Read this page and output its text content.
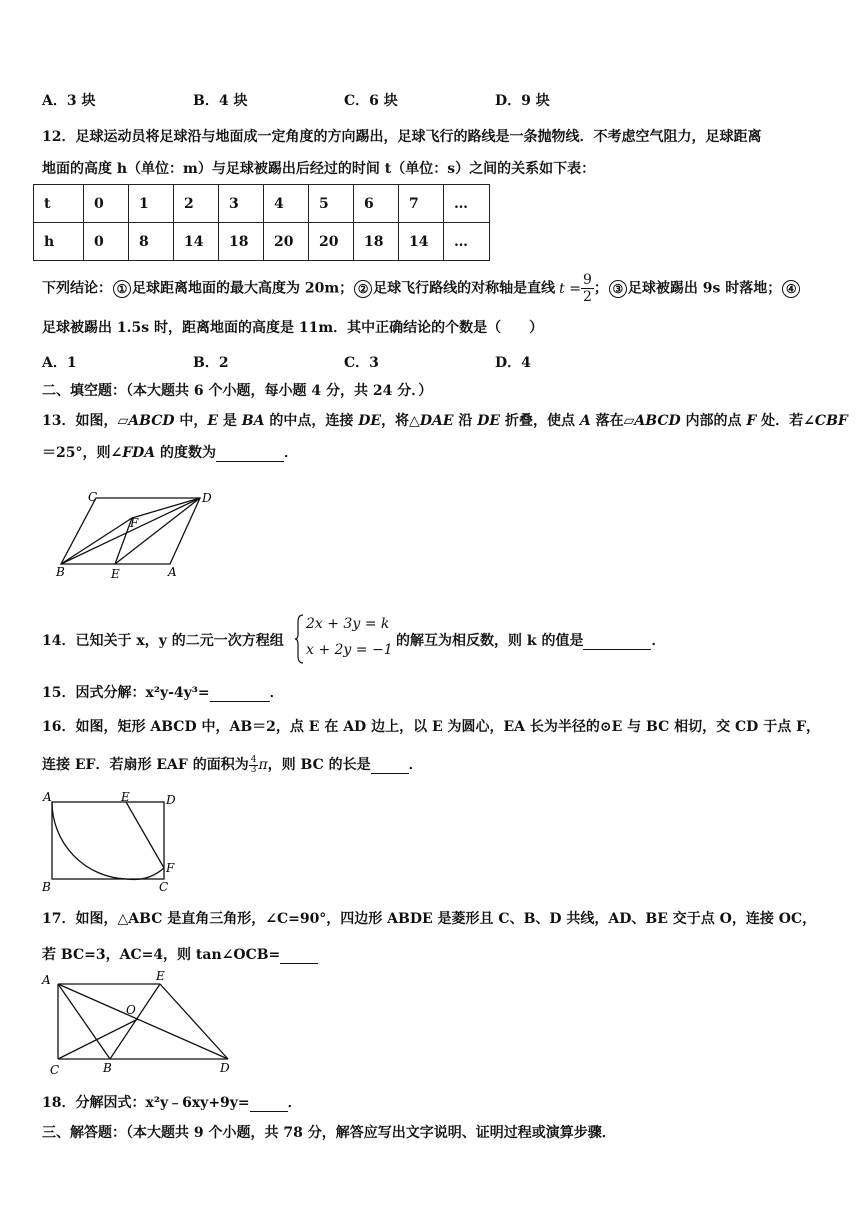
A．3 块	B．4 块	C．6 块	D．9 块
12．足球运动员将足球沿与地面成一定角度的方向踢出，足球飞行的路线是一条抛物线．不考虑空气阻力，足球距离
地面的高度 h（单位：m）与足球被踢出后经过的时间 t（单位：s）之间的关系如下表：
t	0	1	2	3	4	5	6	7	…
h	0	8	14	18	20	20	18	14	…
下列结论： ① 足球距离地面的最大高度为 20m； ② 足球飞行路线的对称轴是直线 $t = \frac{9}{2}$ ； ③ 足球被踢出 9s 时落地； ④
足球被踢出 1.5s 时，距离地面的高度是 11m．其中正确结论的个数是（　　）
A．1	B．2	C．3	D．4
二、填空题：（本大题共 6 个小题，每小题 4 分，共 24 分．）
13．如图，▱ABCD 中，E 是 BA 的中点，连接 DE，将△DAE 沿 DE 折叠，使点 A 落在▱ABCD 内部的点 F 处．若∠CBF
＝25°，则∠FDA 的度数为	．
C	D
F
B	E	A
14．已知关于 x，y 的二元一次方程组
2x + 3y = k
x + 2y = −1
的解互为相反数，则 k 的值是	．
15．因式分解：x²y-4y³=	．
16．如图，矩形 ABCD 中，AB＝2，点 E 在 AD 边上，以 E 为圆心，EA 长为半径的⊙E 与 BC 相切，交 CD 于点 F，
连接 EF．若扇形 EAF 的面积为 $\frac{4}{3}$ π，则 BC 的长是	．
A	E	D
F
B	C
17．如图，△ABC 是直角三角形，∠C=90°，四边形 ABDE 是菱形且 C、B、D 共线，AD、BE 交于点 O，连接 OC，
若 BC=3，AC=4，则 tan∠OCB=
A	E
O
C	B	D
18．分解因式：x²y﹣6xy+9y=	．
三、解答题：（本大题共 9 个小题，共 78 分，解答应写出文字说明、证明过程或演算步骤．
